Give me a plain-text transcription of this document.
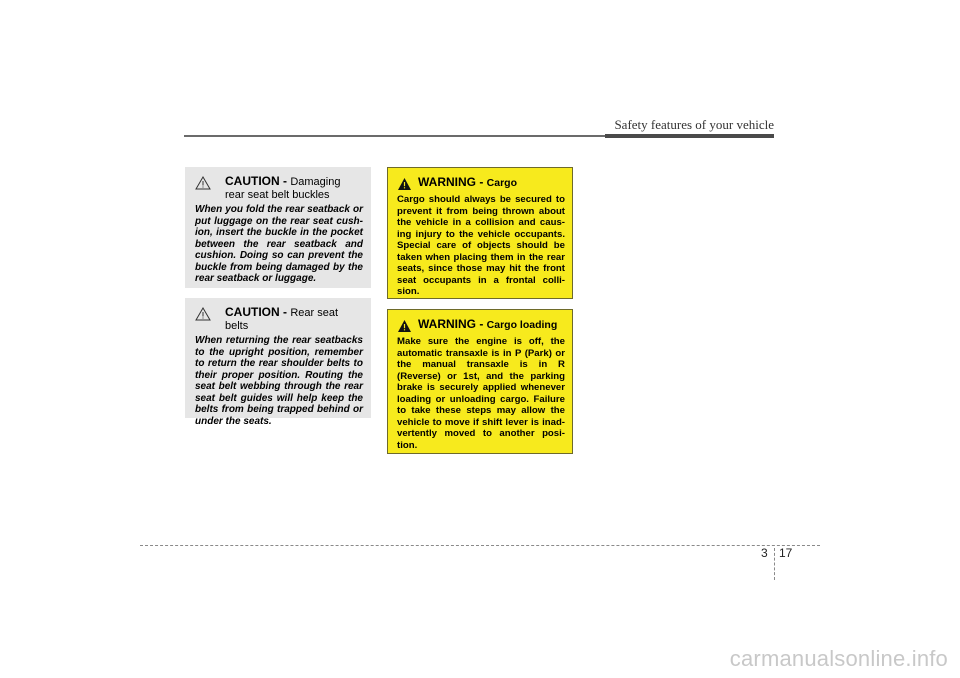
Safety features of your vehicle
CAUTION - Damaging rear seat belt buckles
When you fold the rear seatback or put luggage on the rear seat cush-ion, insert the buckle in the pocket between the rear seatback and cushion. Doing so can prevent the buckle from being damaged by the rear seatback or luggage.
CAUTION - Rear seat belts
When returning the rear seatbacks to the upright position, remember to return the rear shoulder belts to their proper position. Routing the seat belt webbing through the rear seat belt guides will help keep the belts from being trapped behind or under the seats.
WARNING - Cargo
Cargo should always be secured to prevent it from being thrown about the vehicle in a collision and caus-ing injury to the vehicle occupants. Special care of objects should be taken when placing them in the rear seats, since those may hit the front seat occupants in a frontal colli-sion.
WARNING - Cargo loading
Make sure the engine is off, the automatic transaxle is in P (Park) or the manual transaxle is in R (Reverse) or 1st, and the parking brake is securely applied whenever loading or unloading cargo. Failure to take these steps may allow the vehicle to move if shift lever is inad-vertently moved to another posi-tion.
3 17
carmanualsonline.info
